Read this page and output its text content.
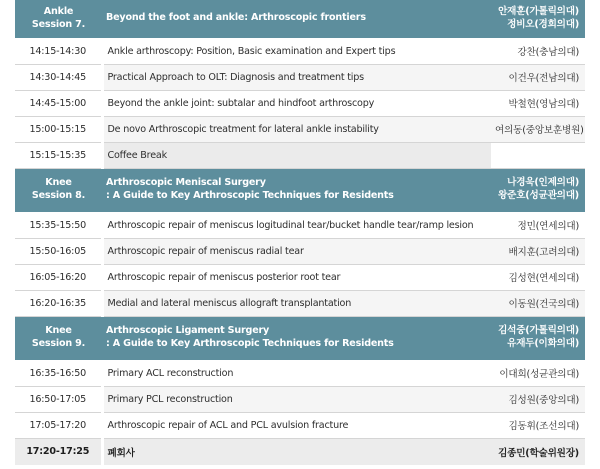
Ankle
Session 7.	Beyond the foot and ankle: Arthroscopic frontiers	안재훈(가톨릭의대)
정비오(경희의대)

14:15-14:30	Ankle arthroscopy: Position, Basic examination and Expert tips	강찬(충남의대)
14:30-14:45	Practical Approach to OLT: Diagnosis and treatment tips	이건우(전남의대)
14:45-15:00	Beyond the ankle joint: subtalar and hindfoot arthroscopy	박철현(영남의대)
15:00-15:15	De novo Arthroscopic treatment for lateral ankle instability	여의동(중앙보훈병원)
15:15-15:35	Coffee Break	

Knee
Session 8.	Arthroscopic Meniscal Surgery
: A Guide to Key Arthroscopic Techniques for Residents	나경욱(인제의대)
왕준호(성균관의대)

15:35-15:50	Arthroscopic repair of meniscus logitudinal tear/bucket handle tear/ramp lesion	정민(연세의대)
15:50-16:05	Arthroscopic repair of meniscus radial tear	배지훈(고려의대)
16:05-16:20	Arthroscopic repair of meniscus posterior root tear	김성현(연세의대)
16:20-16:35	Medial and lateral meniscus allograft transplantation	이동원(건국의대)

Knee
Session 9.	Arthroscopic Ligament Surgery
: A Guide to Key Arthroscopic Techniques for Residents	김석중(가톨릭의대)
유재두(이화의대)

16:35-16:50	Primary ACL reconstruction	이대희(성균관의대)
16:50-17:05	Primary PCL reconstruction	김성원(중앙의대)
17:05-17:20	Arthroscopic repair of ACL and PCL avulsion fracture	김동휘(조선의대)
17:20-17:25	폐회사	김종민(학술위원장)
